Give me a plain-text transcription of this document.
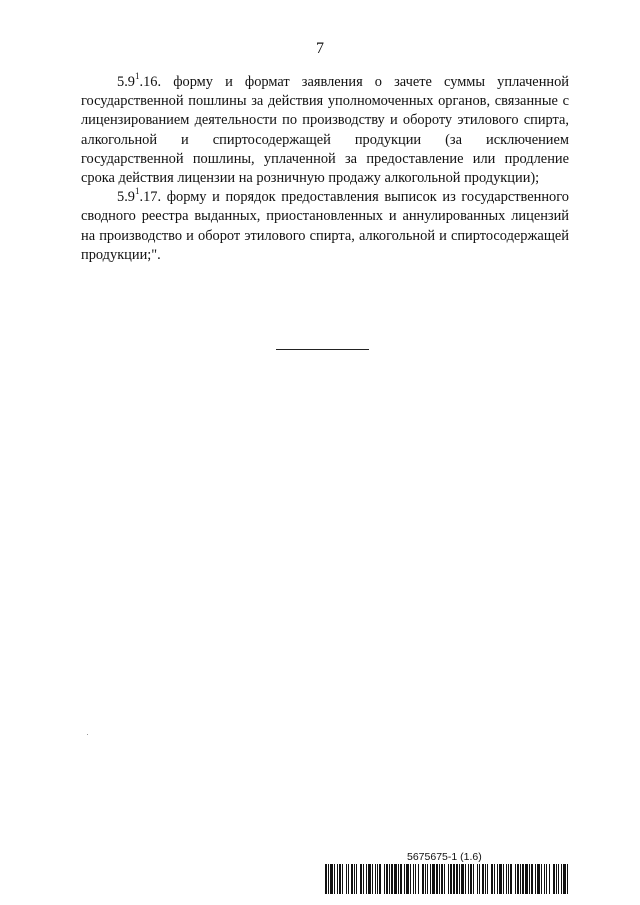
7

$5.9^1.16$. форму и формат заявления о зачете суммы уплаченной государственной пошлины за действия уполномоченных органов, связанные с лицензированием деятельности по производству и обороту этилового спирта, алкогольной и спиртосодержащей продукции (за исключением государственной пошлины, уплаченной за предоставление или продление срока действия лицензии на розничную продажу алкогольной продукции);

$5.9^1.17$. форму и порядок предоставления выписок из государственного сводного реестра выданных, приостановленных и аннулированных лицензий на производство и оборот этилового спирта, алкогольной и спиртосодержащей продукции;".

5675675-1 (1.6)
